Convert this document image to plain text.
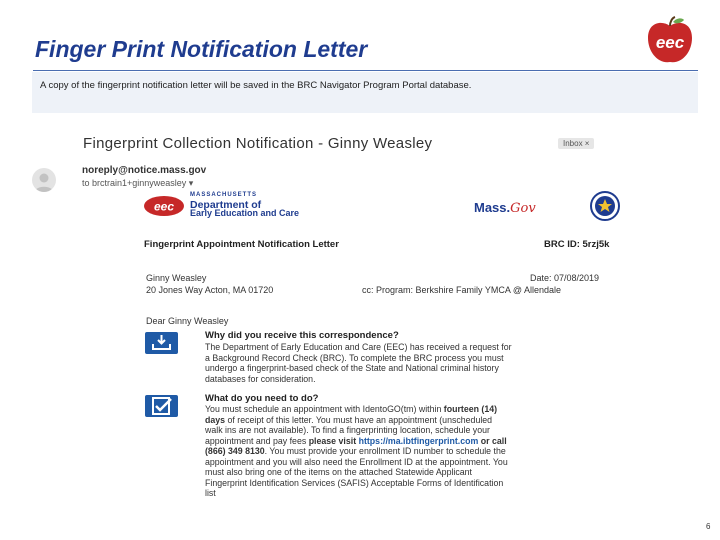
Finger Print Notification Letter	eec
A copy of the fingerprint notification letter will be saved in the BRC Navigator Program Portal database.
Fingerprint Collection Notification - Ginny Weasley	Inbox ×
noreply@notice.mass.gov
to brctrain1+ginnyweasley ▾
eec
MASSACHUSETTS
Department of
Early Education and Care	Mass.Gov
Fingerprint Appointment Notification Letter	BRC ID: 5rzj5k
Ginny Weasley	Date: 07/08/2019
20 Jones Way Acton, MA 01720	cc: Program: Berkshire Family YMCA @ Allendale
Dear Ginny Weasley
Why did you receive this correspondence?
The Department of Early Education and Care (EEC) has received a request for
a Background Record Check (BRC). To complete the BRC process you must
undergo a fingerprint-based check of the State and National criminal history
databases for consideration.
What do you need to do?
You must schedule an appointment with IdentoGO(tm) within fourteen (14)
days of receipt of this letter. You must have an appointment (unscheduled
walk ins are not available). To find a fingerprinting location, schedule your
appointment and pay fees please visit https://ma.ibtfingerprint.com or call
(866) 349 8130. You must provide your enrollment ID number to schedule the
appointment and you will also need the Enrollment ID at the appointment. You
must also bring one of the items on the attached Statewide Applicant
Fingerprint Identification Services (SAFIS) Acceptable Forms of Identification
list
6
